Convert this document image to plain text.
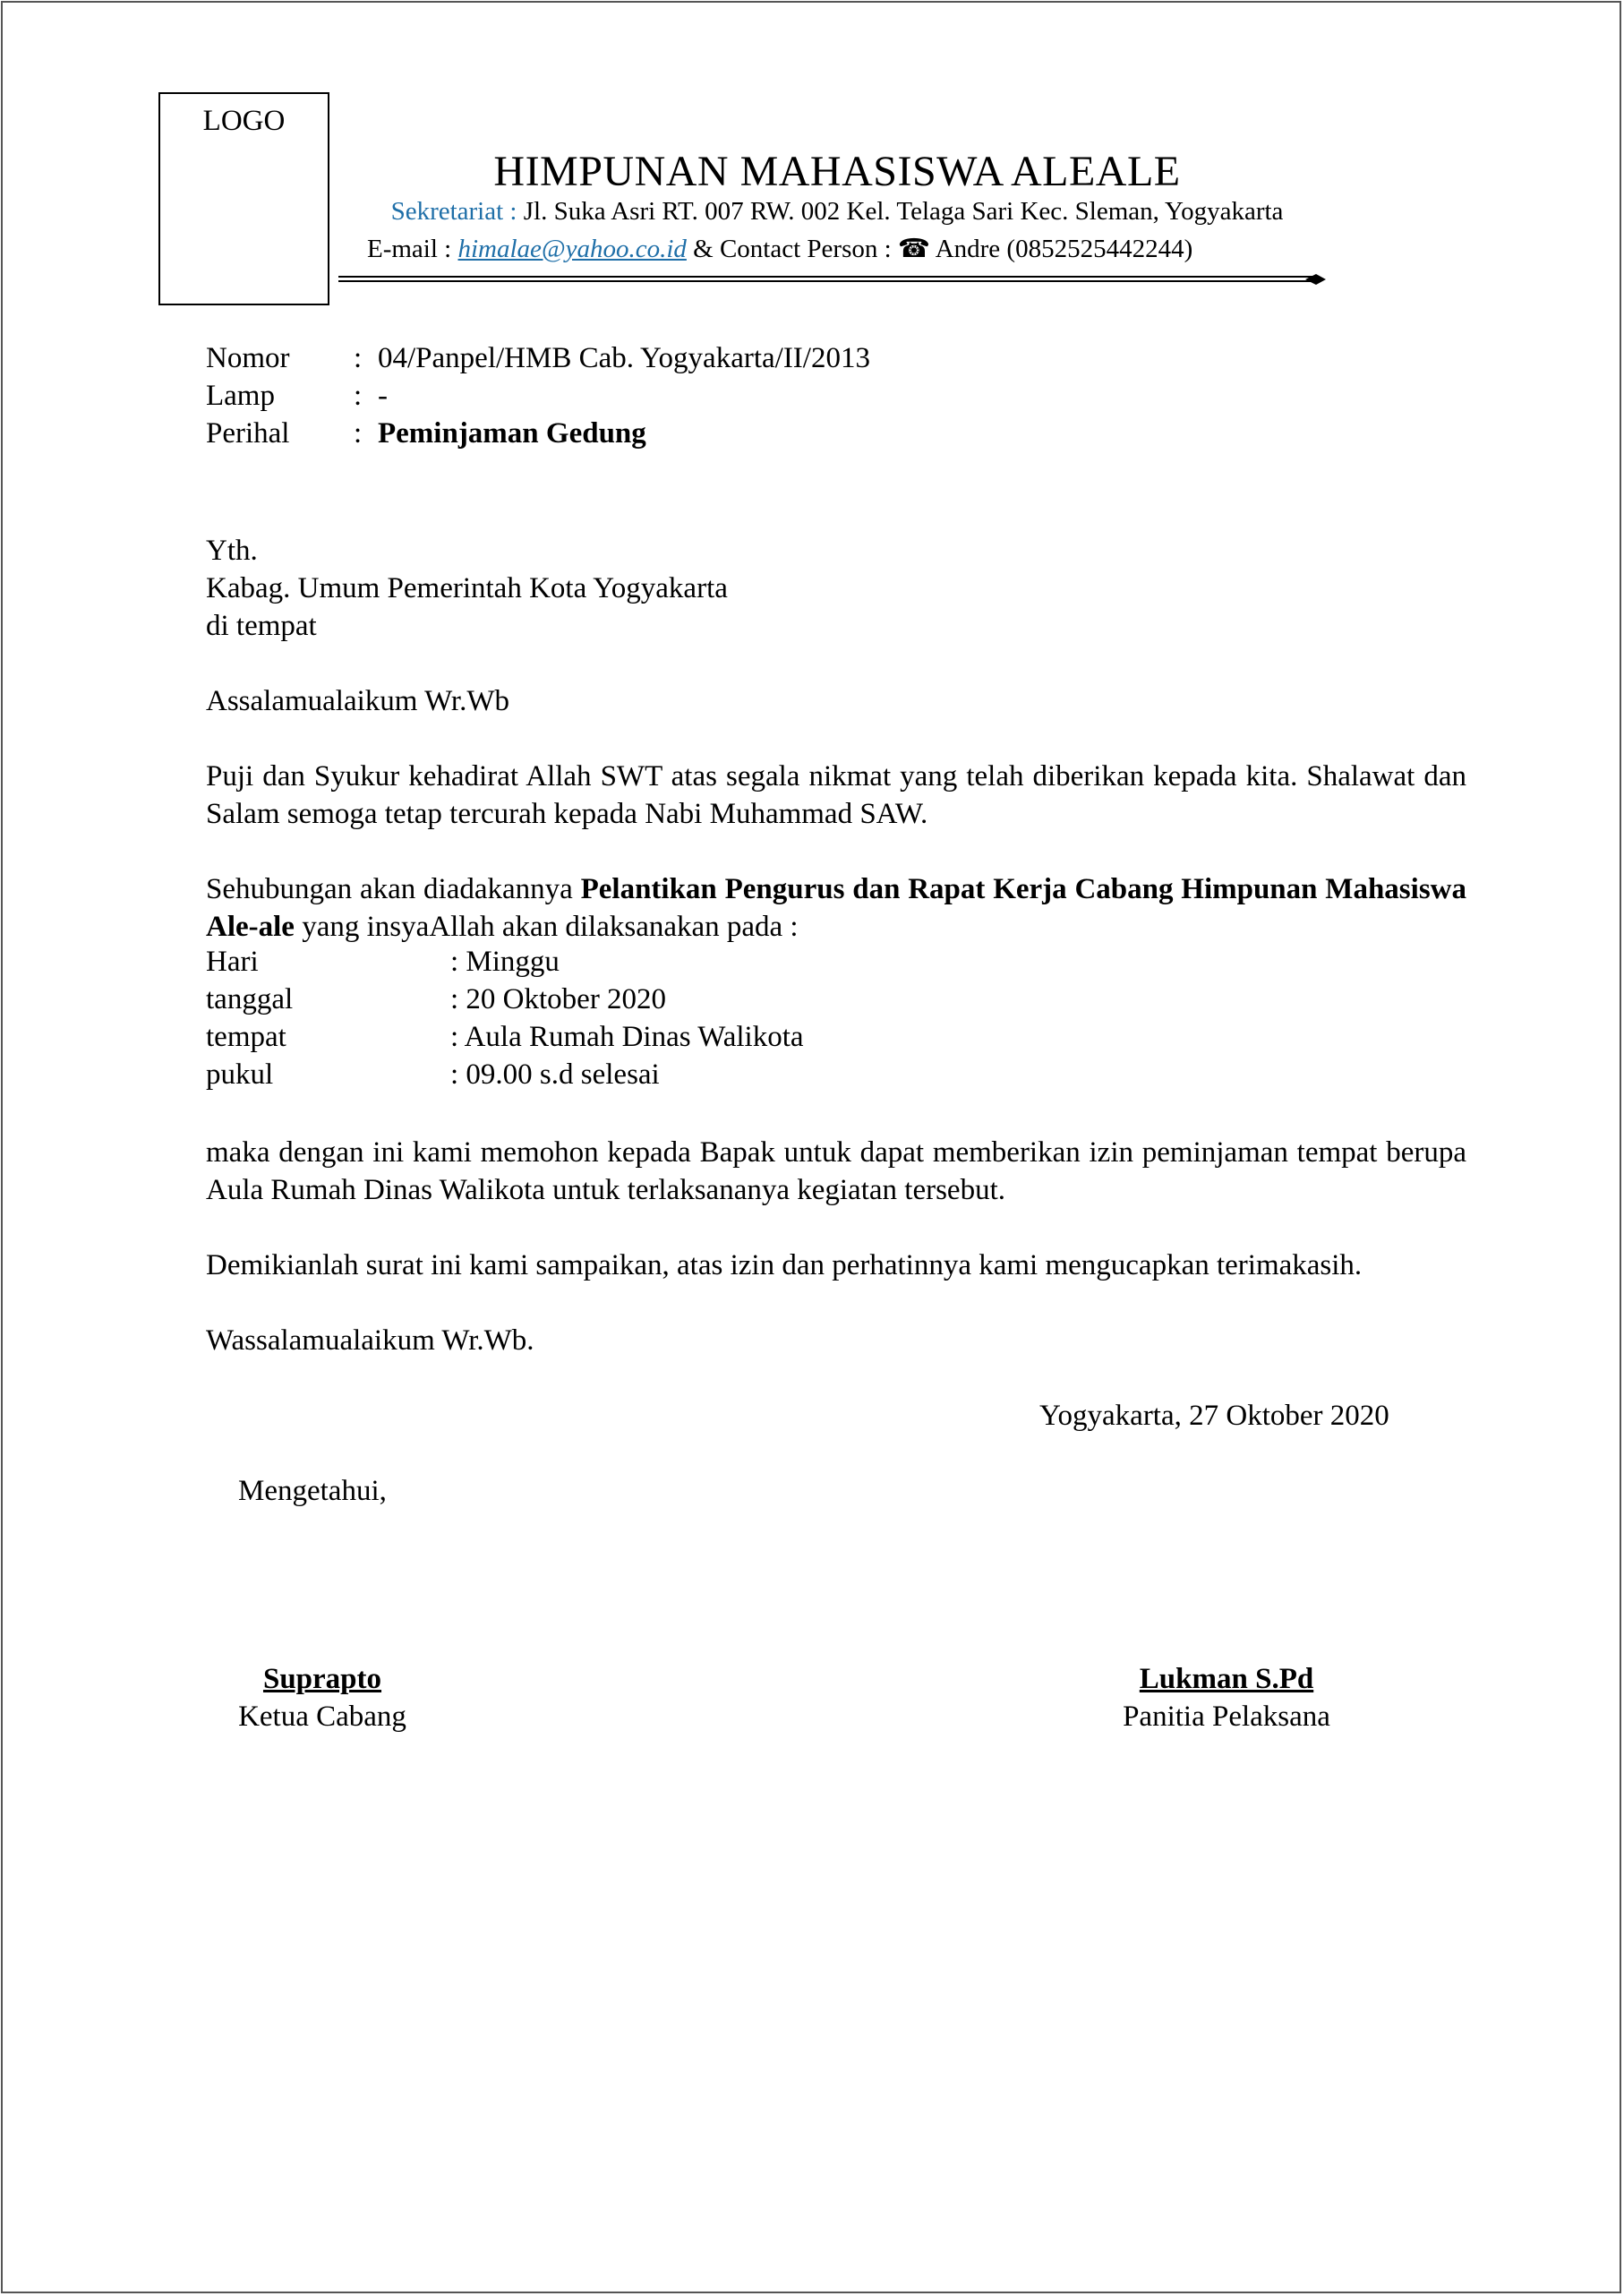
LOGO
HIMPUNAN MAHASISWA ALEALE
Sekretariat : Jl. Suka Asri RT. 007 RW. 002 Kel. Telaga Sari Kec. Sleman, Yogyakarta
E-mail : himalae@yahoo.co.id & Contact Person : ☎ Andre (0852525442244)
Nomor : 04/Panpel/HMB Cab. Yogyakarta/II/2013
Lamp	: -
Perihal : Peminjaman Gedung
Yth.
Kabag. Umum Pemerintah Kota Yogyakarta
di tempat
Assalamualaikum Wr.Wb
Puji dan Syukur kehadirat Allah SWT atas segala nikmat yang telah diberikan kepada kita. Shalawat dan Salam semoga tetap tercurah kepada Nabi Muhammad SAW.
Sehubungan akan diadakannya Pelantikan Pengurus dan Rapat Kerja Cabang Himpunan Mahasiswa Ale-ale yang insyaAllah akan dilaksanakan pada :
Hari	: Minggu
tanggal	: 20 Oktober 2020
tempat	: Aula Rumah Dinas Walikota
pukul	: 09.00 s.d selesai
maka dengan ini kami memohon kepada Bapak untuk dapat memberikan izin peminjaman tempat berupa Aula Rumah Dinas Walikota untuk terlaksananya kegiatan tersebut.
Demikianlah surat ini kami sampaikan, atas izin dan perhatinnya kami mengucapkan terimakasih.
Wassalamualaikum Wr.Wb.
Yogyakarta, 27 Oktober 2020
Mengetahui,
Suprapto
Ketua Cabang
Lukman S.Pd
Panitia Pelaksana
